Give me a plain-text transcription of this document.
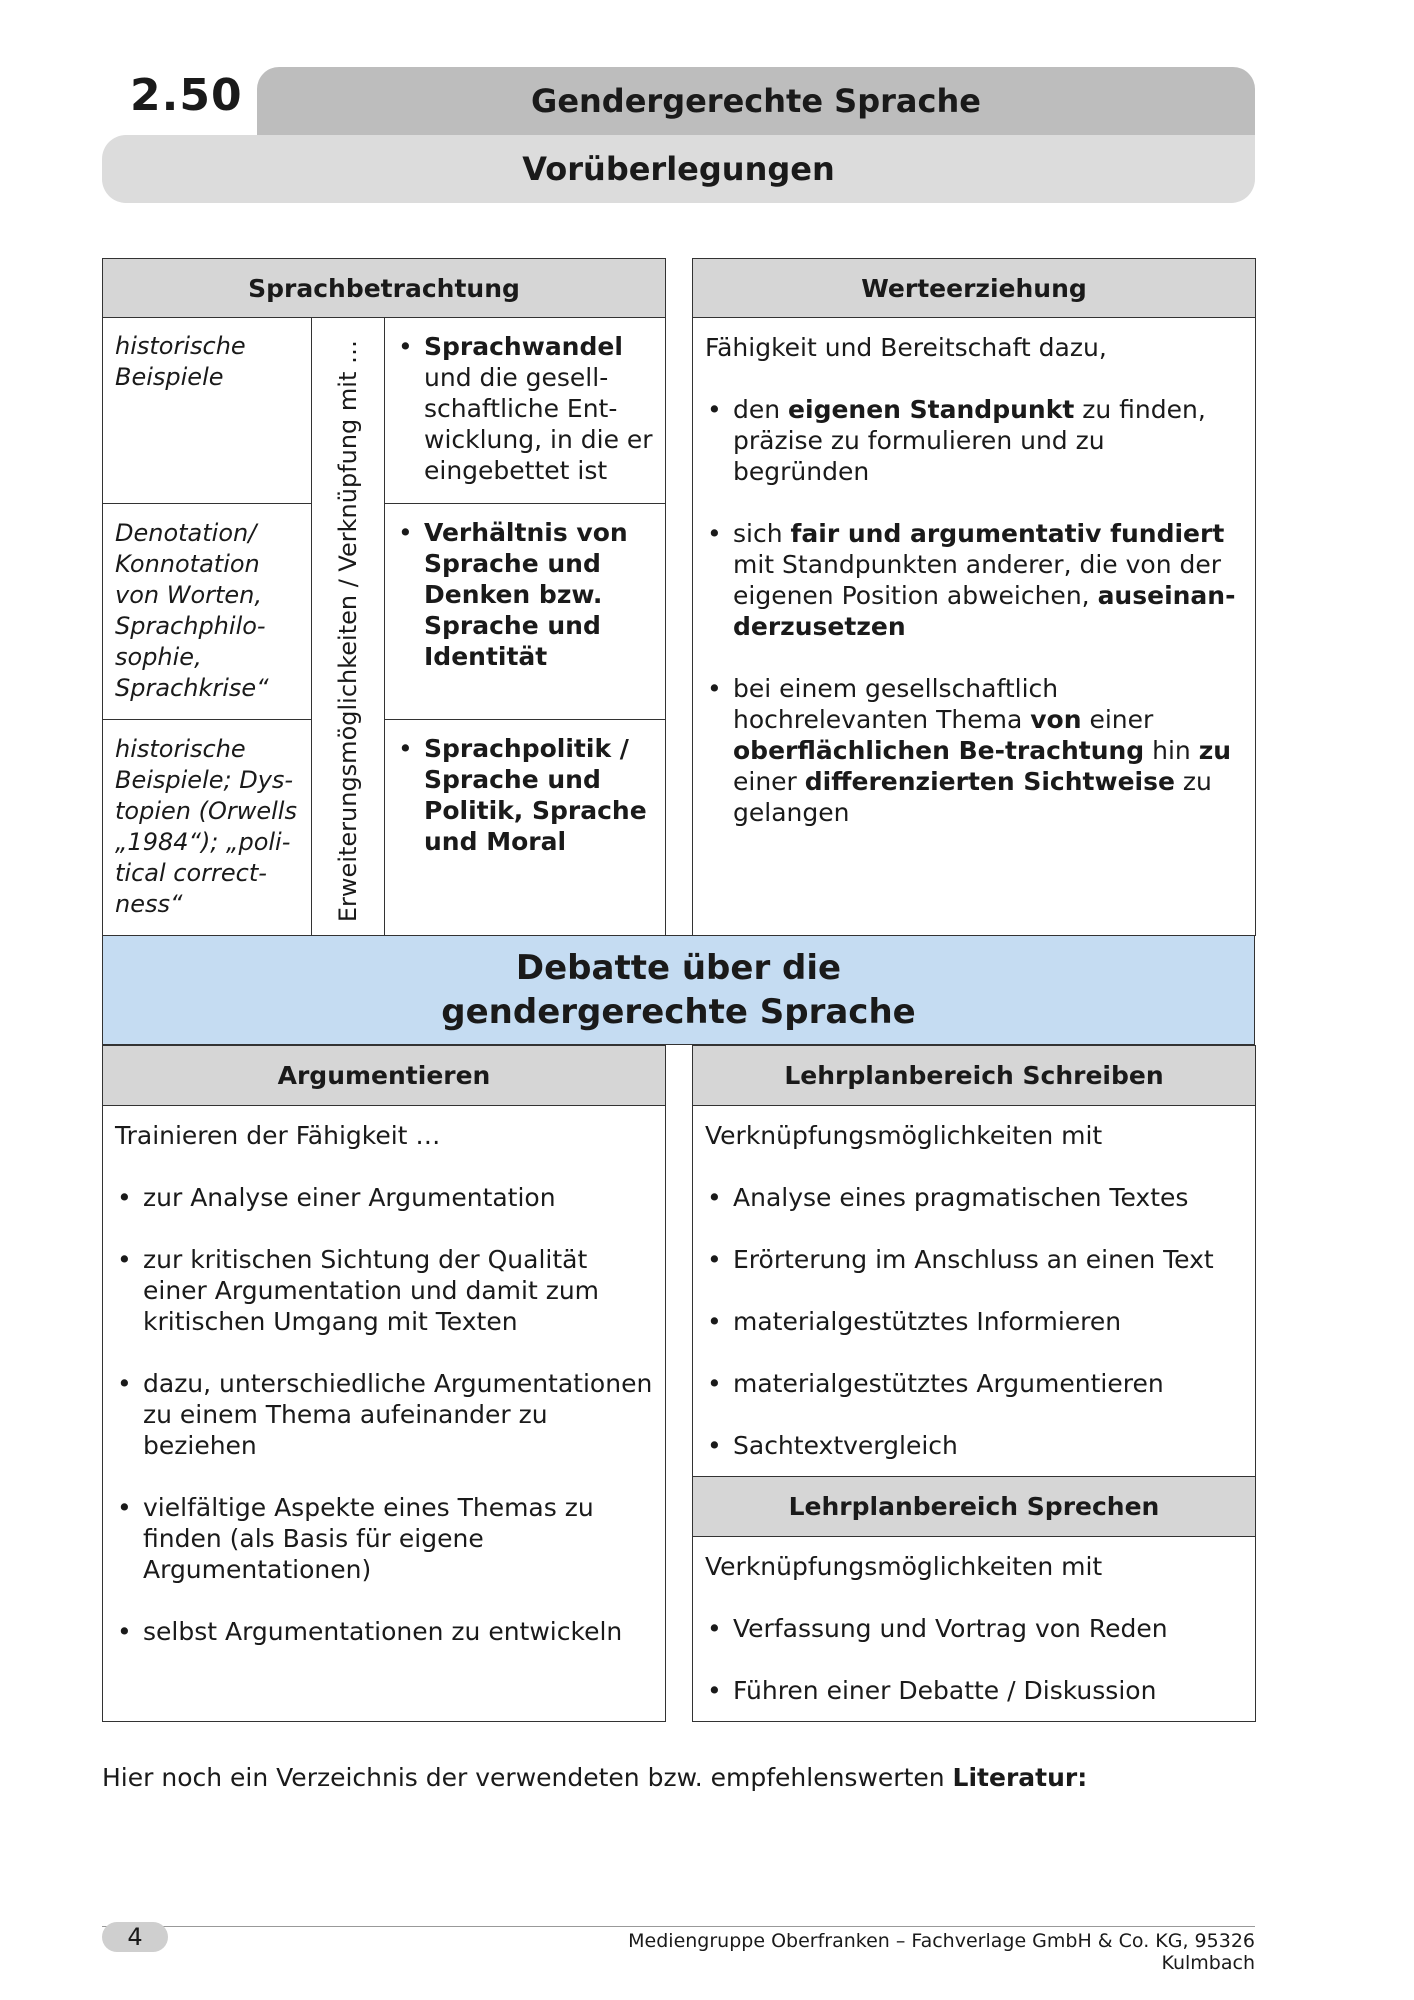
2.50	Gendergerechte Sprache
Vorüberlegungen
Sprachbetrachtung
historische Beispiele
Denotation/ Konnotation von Worten, Sprachphilo-sophie, Sprachkrise“
historische Beispiele; Dys-topien (Orwells „1984“); „poli-tical correct-ness“	Erweiterungsmöglichkeiten / Verknüpfung mit …
•	Sprachwandel und die gesell-schaftliche Ent-wicklung, in die er eingebettet ist
• Verhältnis von Sprache und Denken bzw. Sprache und Identität
• Sprachpolitik / Sprache und Politik, Sprache und Moral
Werteerziehung
Fähigkeit und Bereitschaft dazu,
• den eigenen Standpunkt zu finden, präzise zu formulieren und zu begründen
• sich fair und argumentativ fundiert mit Standpunkten anderer, die von der eigenen Position abweichen, auseinan-derzusetzen
• bei einem gesellschaftlich hochrelevanten Thema von einer oberflächlichen Be-trachtung hin zu einer differenzierten Sichtweise zu gelangen
Debatte über die
gendergerechte Sprache
Argumentieren
Trainieren der Fähigkeit …
• zur Analyse einer Argumentation
• zur kritischen Sichtung der Qualität einer Argumentation und damit zum kritischen Umgang mit Texten
• dazu, unterschiedliche Argumentationen zu einem Thema aufeinander zu beziehen
• vielfältige Aspekte eines Themas zu finden (als Basis für eigene Argumentationen)
• selbst Argumentationen zu entwickeln
Lehrplanbereich Schreiben
Verknüpfungsmöglichkeiten mit
• Analyse eines pragmatischen Textes
• Erörterung im Anschluss an einen Text
• materialgestütztes Informieren
• materialgestütztes Argumentieren
• Sachtextvergleich
Lehrplanbereich Sprechen
Verknüpfungsmöglichkeiten mit
• Verfassung und Vortrag von Reden
• Führen einer Debatte / Diskussion
Hier noch ein Verzeichnis der verwendeten bzw. empfehlenswerten Literatur:
4	Mediengruppe Oberfranken – Fachverlage GmbH & Co. KG, 95326 Kulmbach
